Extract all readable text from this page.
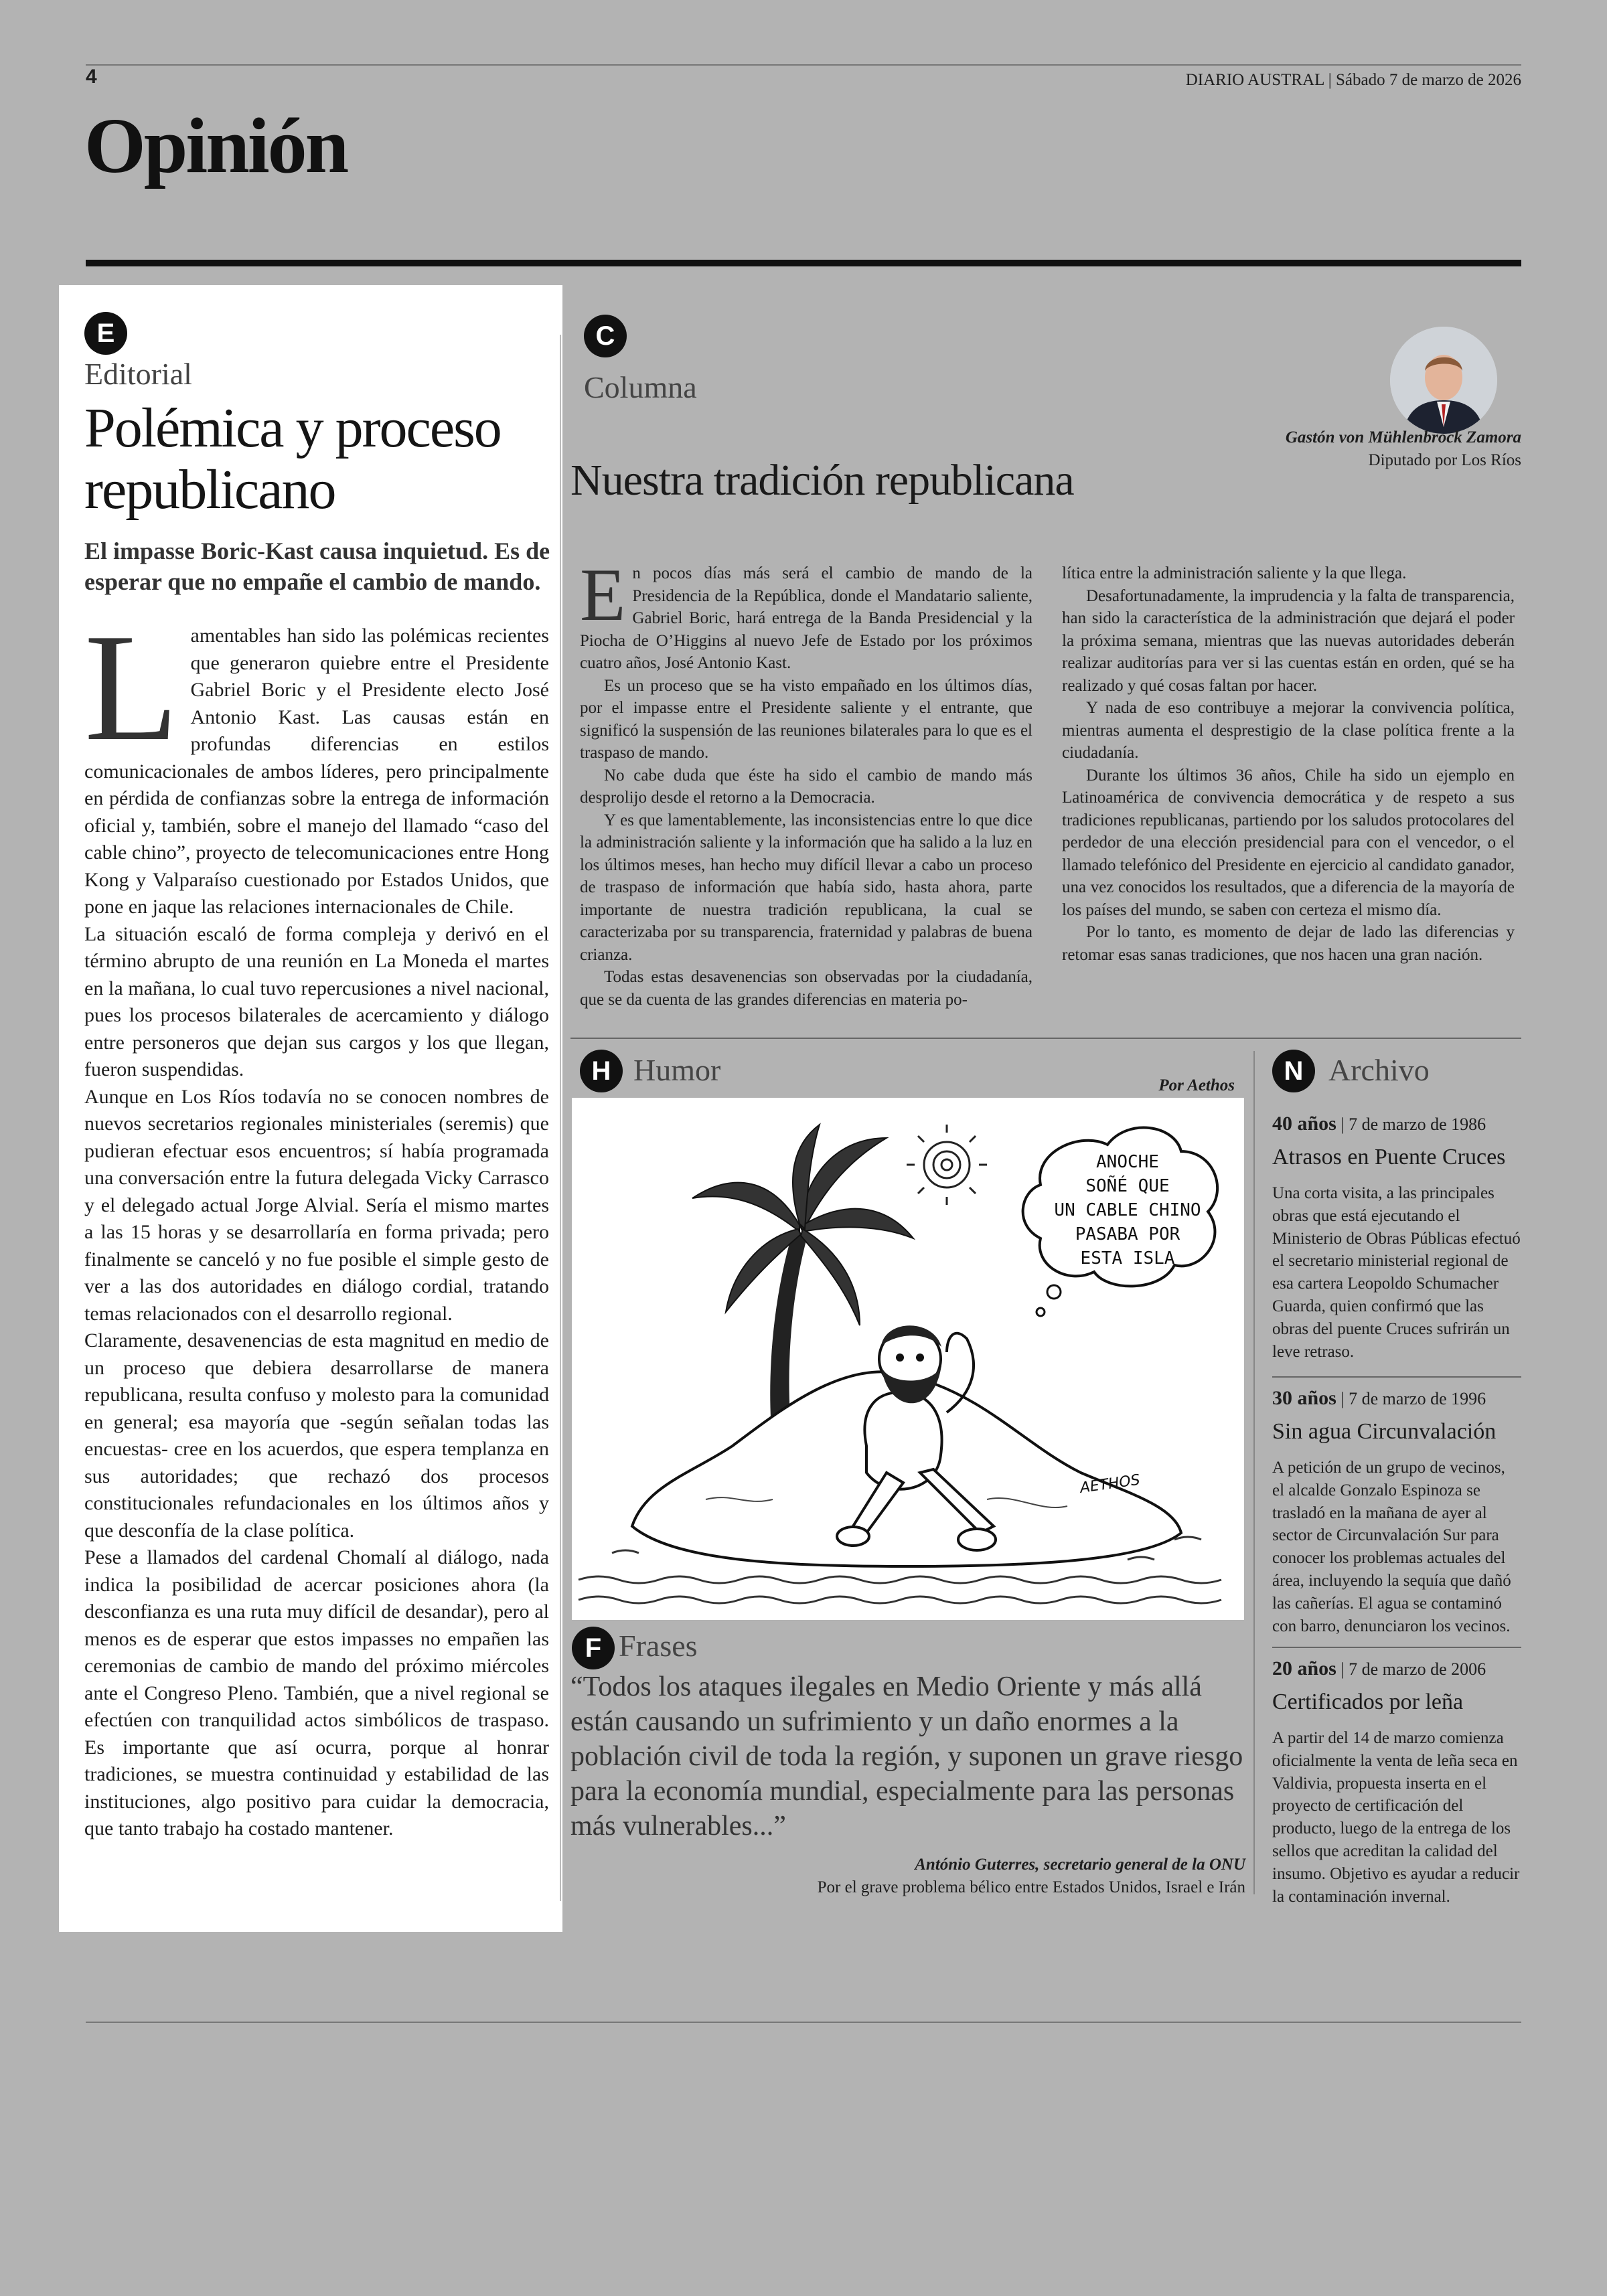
4	DIARIO AUSTRAL | Sábado 7 de marzo de 2026
Opinión
E
Editorial
Polémica y proceso republicano
El impasse Boric-Kast causa inquietud. Es de esperar que no empañe el cambio de mando.

Lamentables han sido las polémicas recientes que generaron quiebre entre el Presidente Gabriel Boric y el Presidente electo José Antonio Kast. Las causas están en profundas diferencias en estilos comunicacionales de ambos líderes, pero principalmente en pérdida de confianzas sobre la entrega de información oficial y, también, sobre el manejo del llamado “caso del cable chino”, proyecto de telecomunicaciones entre Hong Kong y Valparaíso cuestionado por Estados Unidos, que pone en jaque las relaciones internacionales de Chile.

La situación escaló de forma compleja y derivó en el término abrupto de una reunión en La Moneda el martes en la mañana, lo cual tuvo repercusiones a nivel nacional, pues los procesos bilaterales de acercamiento y diálogo entre personeros que dejan sus cargos y los que llegan, fueron suspendidas.

Aunque en Los Ríos todavía no se conocen nombres de nuevos secretarios regionales ministeriales (seremis) que pudieran efectuar esos encuentros; sí había programada una conversación entre la futura delegada Vicky Carrasco y el delegado actual Jorge Alvial. Sería el mismo martes a las 15 horas y se desarrollaría en forma privada; pero finalmente se canceló y no fue posible el simple gesto de ver a las dos autoridades en diálogo cordial, tratando temas relacionados con el desarrollo regional.

Claramente, desavenencias de esta magnitud en medio de un proceso que debiera desarrollarse de manera republicana, resulta confuso y molesto para la comunidad en general; esa mayoría que -según señalan todas las encuestas- cree en los acuerdos, que espera templanza en sus autoridades; que rechazó dos procesos constitucionales refundacionales en los últimos años y que desconfía de la clase política.

Pese a llamados del cardenal Chomalí al diálogo, nada indica la posibilidad de acercar posiciones ahora (la desconfianza es una ruta muy difícil de desandar), pero al menos es de esperar que estos impasses no empañen las ceremonias de cambio de mando del próximo miércoles ante el Congreso Pleno. También, que a nivel regional se efectúen con tranquilidad actos simbólicos de traspaso. Es importante que así ocurra, porque al honrar tradiciones, se muestra continuidad y estabilidad de las instituciones, algo positivo para cuidar la democracia, que tanto trabajo ha costado mantener.

C
Columna
Gastón von Mühlenbrock Zamora
Diputado por Los Ríos
Nuestra tradición republicana

En pocos días más será el cambio de mando de la Presidencia de la República, donde el Mandatario saliente, Gabriel Boric, hará entrega de la Banda Presidencial y la Piocha de O’Higgins al nuevo Jefe de Estado por los próximos cuatro años, José Antonio Kast.

Es un proceso que se ha visto empañado en los últimos días, por el impasse entre el Presidente saliente y el entrante, que significó la suspensión de las reuniones bilaterales para lo que es el traspaso de mando.

No cabe duda que éste ha sido el cambio de mando más desprolijo desde el retorno a la Democracia.

Y es que lamentablemente, las inconsistencias entre lo que dice la administración saliente y la información que ha salido a la luz en los últimos meses, han hecho muy difícil llevar a cabo un proceso de traspaso de información que había sido, hasta ahora, parte importante de nuestra tradición republicana, la cual se caracterizaba por su transparencia, fraternidad y palabras de buena crianza.

Todas estas desavenencias son observadas por la ciudadanía, que se da cuenta de las grandes diferencias en materia po-

lítica entre la administración saliente y la que llega.

Desafortunadamente, la imprudencia y la falta de transparencia, han sido la característica de la administración que dejará el poder la próxima semana, mientras que las nuevas autoridades deberán realizar auditorías para ver si las cuentas están en orden, qué se ha realizado y qué cosas faltan por hacer.

Y nada de eso contribuye a mejorar la convivencia política, mientras aumenta el desprestigio de la clase política frente a la ciudadanía.

Durante los últimos 36 años, Chile ha sido un ejemplo en Latinoamérica de convivencia democrática y de respeto a sus tradiciones republicanas, partiendo por los saludos protocolares del perdedor de una elección presidencial para con el vencedor, o el llamado telefónico del Presidente en ejercicio al candidato ganador, una vez conocidos los resultados, que a diferencia de la mayoría de los países del mundo, se saben con certeza el mismo día.

Por lo tanto, es momento de dejar de lado las diferencias y retomar esas sanas tradiciones, que nos hacen una gran nación.

H Humor	Por Aethos
ANOCHE
SOÑÉ QUE
UN CABLE CHINO
PASABA POR
ESTA ISLA
AETHOS
F Frases
“Todos los ataques ilegales en Medio Oriente y más allá están causando un sufrimiento y un daño enormes a la población civil de toda la región, y suponen un grave riesgo para la economía mundial, especialmente para las personas más vulnerables...”
António Guterres, secretario general de la ONU
Por el grave problema bélico entre Estados Unidos, Israel e Irán
N Archivo
40 años | 7 de marzo de 1986
Atrasos en Puente Cruces
Una corta visita, a las principales obras que está ejecutando el Ministerio de Obras Públicas efectuó el secretario ministerial regional de esa cartera Leopoldo Schumacher Guarda, quien confirmó que las obras del puente Cruces sufrirán un leve retraso.
30 años | 7 de marzo de 1996
Sin agua Circunvalación
A petición de un grupo de vecinos, el alcalde Gonzalo Espinoza se trasladó en la mañana de ayer al sector de Circunvalación Sur para conocer los problemas actuales del área, incluyendo la sequía que dañó las cañerías. El agua se contaminó con barro, denunciaron los vecinos.
20 años | 7 de marzo de 2006
Certificados por leña
A partir del 14 de marzo comienza oficialmente la venta de leña seca en Valdivia, propuesta inserta en el proyecto de certificación del producto, luego de la entrega de los sellos que acreditan la calidad del insumo. Objetivo es ayudar a reducir la contaminación invernal.
